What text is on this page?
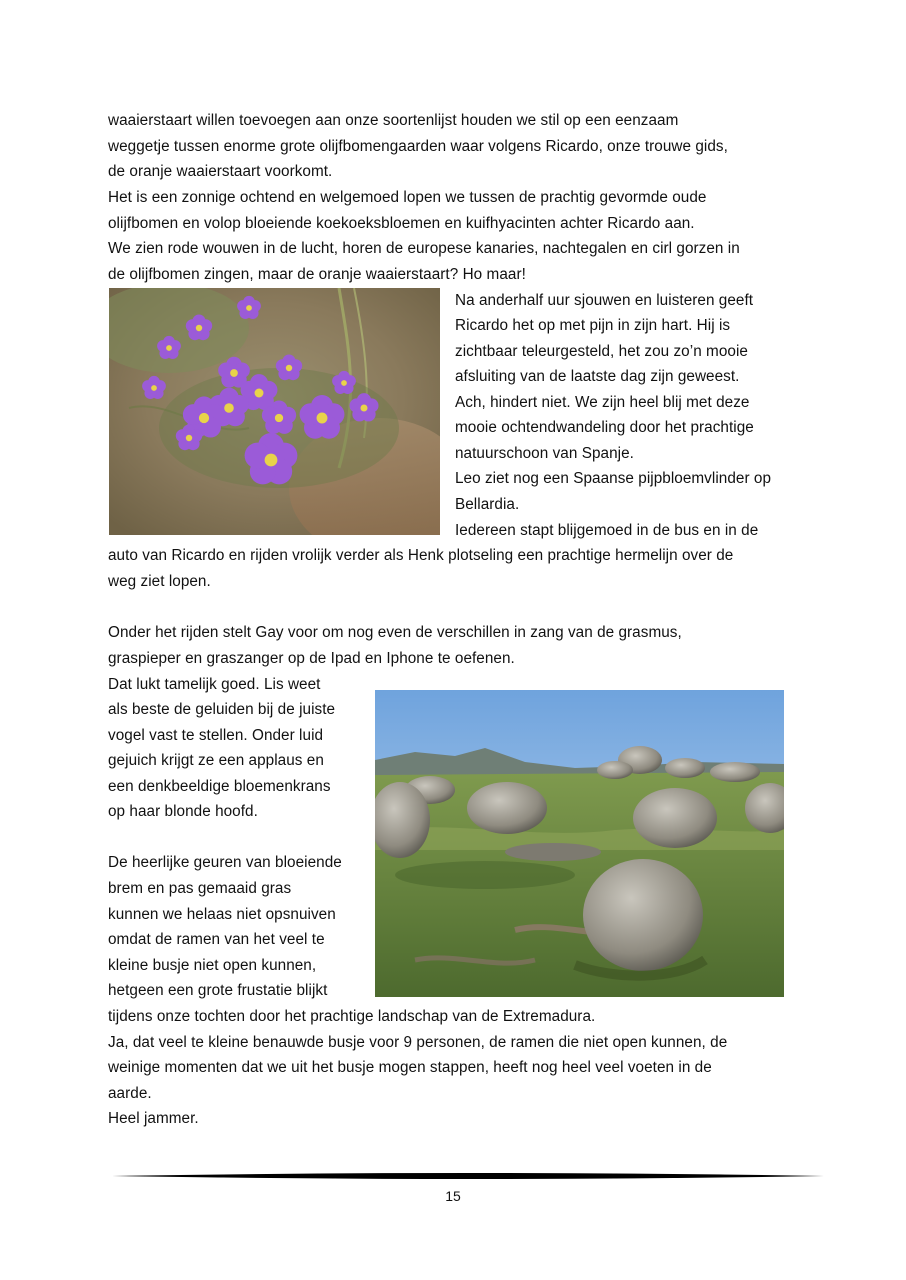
waaierstaart willen toevoegen aan onze soortenlijst houden we stil op een eenzaam
weggetje tussen enorme grote olijfbomengaarden waar volgens Ricardo, onze trouwe gids,
de oranje waaierstaart voorkomt.
Het is een zonnige ochtend en welgemoed lopen we tussen de prachtig gevormde oude
olijfbomen en volop bloeiende koekoeksbloemen en kuifhyacinten achter Ricardo aan.
We zien rode wouwen in de lucht, horen de europese kanaries, nachtegalen en cirl gorzen in
de olijfbomen zingen, maar de oranje waaierstaart? Ho maar!
Na anderhalf uur sjouwen en luisteren geeft
Ricardo het op met pijn in zijn hart. Hij is
zichtbaar teleurgesteld, het zou zo’n mooie
afsluiting van de laatste dag zijn geweest.
Ach, hindert niet. We zijn heel blij met deze
mooie ochtendwandeling door het prachtige
natuurschoon van Spanje.
Leo ziet nog een Spaanse pijpbloemvlinder op
Bellardia.
Iedereen stapt blijgemoed in de bus en in de
auto van Ricardo en rijden vrolijk verder als Henk plotseling een prachtige hermelijn over de
weg ziet lopen.
Onder het rijden stelt Gay voor om nog even de verschillen in zang van de grasmus,
graspieper en graszanger op de Ipad en Iphone te oefenen.
Dat lukt tamelijk goed. Lis weet
als beste de geluiden bij de juiste
vogel vast te stellen. Onder luid
gejuich krijgt ze een applaus en
een denkbeeldige bloemenkrans
op haar blonde hoofd.
De heerlijke geuren van bloeiende
brem en pas gemaaid gras
kunnen we helaas niet opsnuiven
omdat de ramen van het veel te
kleine busje niet open kunnen,
hetgeen een grote frustatie blijkt
tijdens onze tochten door het prachtige landschap van de Extremadura.
Ja, dat veel te kleine benauwde busje voor 9 personen, de ramen die niet open kunnen, de
weinige momenten dat we uit het busje mogen stappen, heeft nog heel veel voeten in de
aarde.
Heel jammer.
15
